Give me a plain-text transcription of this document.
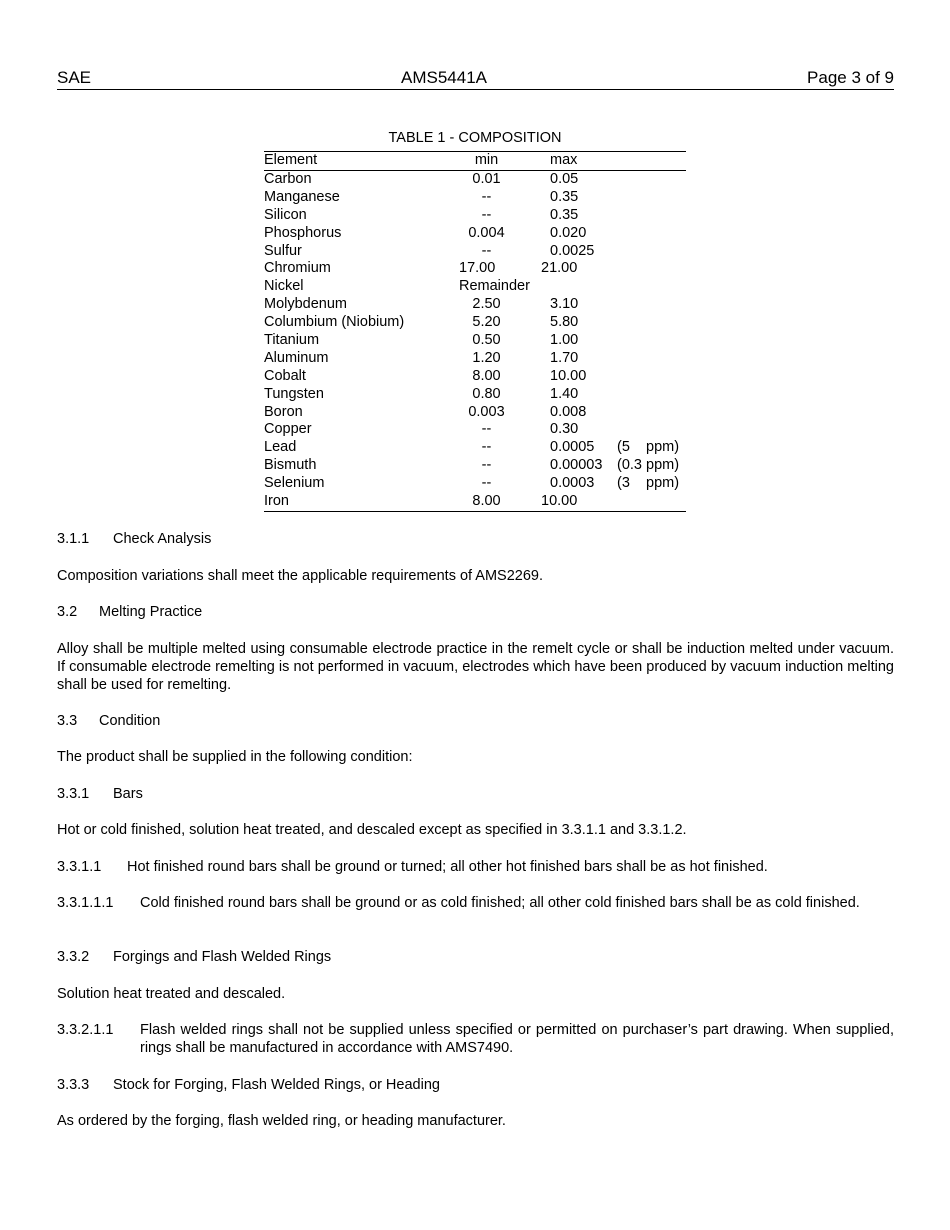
SAE	AMS5441A	Page 3 of 9
TABLE 1 - COMPOSITION
Element	min	max
Carbon	0.01	0.05
Manganese	--	0.35
Silicon	--	0.35
Phosphorus	0.004	0.020
Sulfur	--	0.0025
Chromium	17.00	21.00
Nickel	Remainder
Molybdenum	2.50	3.10
Columbium (Niobium)	5.20	5.80
Titanium	0.50	1.00
Aluminum	1.20	1.70
Cobalt	8.00	10.00
Tungsten	0.80	1.40
Boron	0.003	0.008
Copper	--	0.30
Lead	--	0.0005 (5    ppm)
Bismuth	--	0.00003 (0.3 ppm)
Selenium	--	0.0003 (3    ppm)
Iron	8.00	10.00
3.1.1 Check Analysis
Composition variations shall meet the applicable requirements of AMS2269.
3.2 Melting Practice
Alloy shall be multiple melted using consumable electrode practice in the remelt cycle or shall be induction melted under vacuum. If consumable electrode remelting is not performed in vacuum, electrodes which have been produced by vacuum induction melting shall be used for remelting.
3.3 Condition
The product shall be supplied in the following condition:
3.3.1 Bars
Hot or cold finished, solution heat treated, and descaled except as specified in 3.3.1.1 and 3.3.1.2.
3.3.1.1 Hot finished round bars shall be ground or turned; all other hot finished bars shall be as hot finished.
3.3.1.1.1 Cold finished round bars shall be ground or as cold finished; all other cold finished bars shall be as cold finished.
3.3.2 Forgings and Flash Welded Rings
Solution heat treated and descaled.
3.3.2.1.1 Flash welded rings shall not be supplied unless specified or permitted on purchaser’s part drawing. When supplied, rings shall be manufactured in accordance with AMS7490.
3.3.3 Stock for Forging, Flash Welded Rings, or Heading
As ordered by the forging, flash welded ring, or heading manufacturer.
